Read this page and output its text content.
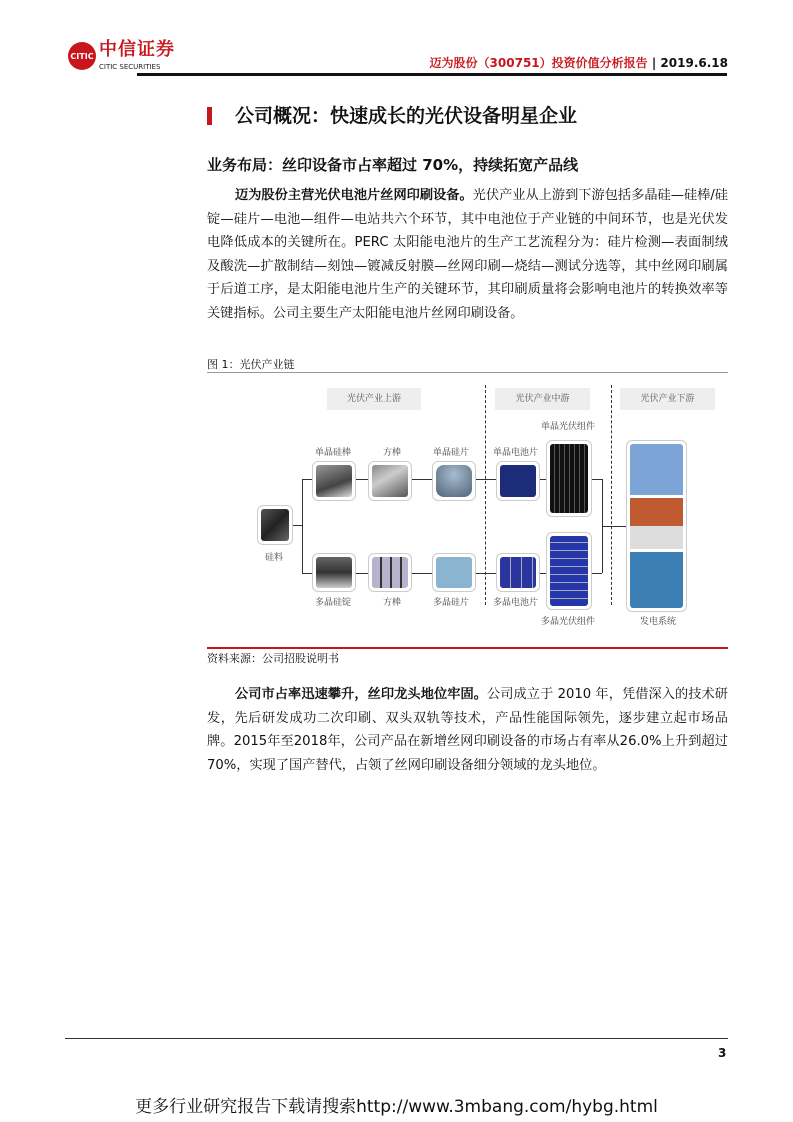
CITIC 中信证券
CITIC SECURITIES	迈为股份（300751）投资价值分析报告 | 2019.6.18
公司概况：快速成长的光伏设备明星企业
业务布局：丝印设备市占率超过 70%，持续拓宽产品线
迈为股份主营光伏电池片丝网印刷设备。光伏产业从上游到下游包括多晶硅—硅棒/硅锭—硅片—电池—组件—电站共六个环节，其中电池位于产业链的中间环节，也是光伏发电降低成本的关键所在。PERC 太阳能电池片的生产工艺流程分为：硅片检测—表面制绒及酸洗—扩散制结—刻蚀—镀减反射膜—丝网印刷—烧结—测试分选等，其中丝网印刷属于后道工序，是太阳能电池片生产的关键环节，其印刷质量将会影响电池片的转换效率等关键指标。公司主要生产太阳能电池片丝网印刷设备。
图 1：光伏产业链
光伏产业上游	光伏产业中游	光伏产业下游
硅料
单晶硅棒	方棒	单晶硅片	单晶电池片
单晶光伏组件
多晶硅锭	方棒	多晶硅片	多晶电池片
多晶光伏组件	发电系统
资料来源：公司招股说明书
公司市占率迅速攀升，丝印龙头地位牢固。公司成立于 2010 年，凭借深入的技术研发，先后研发成功二次印刷、双头双轨等技术，产品性能国际领先，逐步建立起市场品牌。2015年至2018年，公司产品在新增丝网印刷设备的市场占有率从26.0%上升到超过70%，实现了国产替代，占领了丝网印刷设备细分领域的龙头地位。
3
更多行业研究报告下载请搜索http://www.3mbang.com/hybg.html
